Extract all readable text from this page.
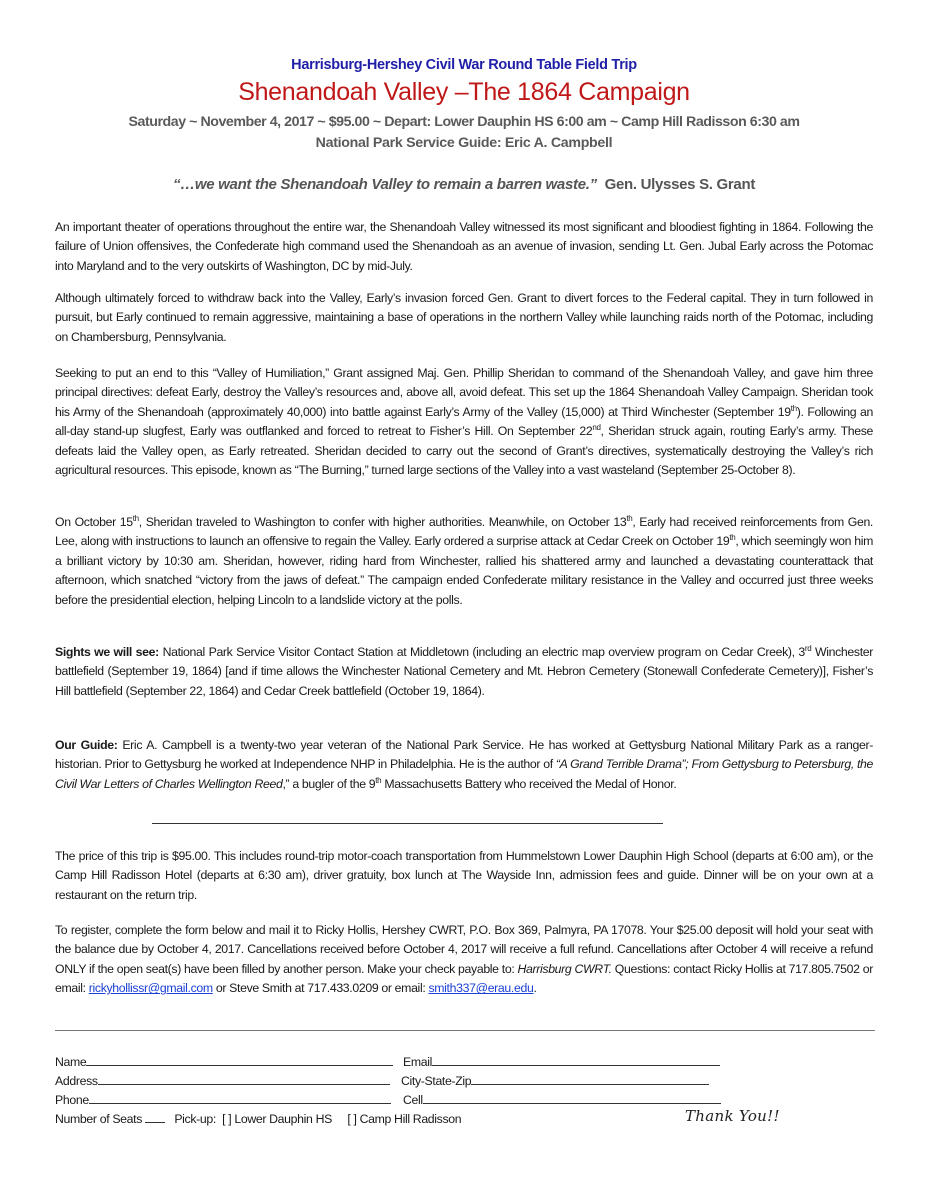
Harrisburg-Hershey Civil War Round Table Field Trip
Shenandoah Valley –The 1864 Campaign
Saturday ~ November 4, 2017 ~ $95.00 ~ Depart: Lower Dauphin HS 6:00 am ~ Camp Hill Radisson 6:30 am
National Park Service Guide: Eric A. Campbell
“…we want the Shenandoah Valley to remain a barren waste.” Gen. Ulysses S. Grant
An important theater of operations throughout the entire war, the Shenandoah Valley witnessed its most significant and bloodiest fighting in 1864. Following the failure of Union offensives, the Confederate high command used the Shenandoah as an avenue of invasion, sending Lt. Gen. Jubal Early across the Potomac into Maryland and to the very outskirts of Washington, DC by mid-July.
Although ultimately forced to withdraw back into the Valley, Early’s invasion forced Gen. Grant to divert forces to the Federal capital. They in turn followed in pursuit, but Early continued to remain aggressive, maintaining a base of operations in the northern Valley while launching raids north of the Potomac, including on Chambersburg, Pennsylvania.
Seeking to put an end to this “Valley of Humiliation,” Grant assigned Maj. Gen. Phillip Sheridan to command of the Shenandoah Valley, and gave him three principal directives: defeat Early, destroy the Valley’s resources and, above all, avoid defeat. This set up the 1864 Shenandoah Valley Campaign. Sheridan took his Army of the Shenandoah (approximately 40,000) into battle against Early’s Army of the Valley (15,000) at Third Winchester (September 19th). Following an all-day stand-up slugfest, Early was outflanked and forced to retreat to Fisher’s Hill. On September 22nd, Sheridan struck again, routing Early’s army. These defeats laid the Valley open, as Early retreated. Sheridan decided to carry out the second of Grant’s directives, systematically destroying the Valley’s rich agricultural resources. This episode, known as “The Burning,” turned large sections of the Valley into a vast wasteland (September 25-October 8).
On October 15th, Sheridan traveled to Washington to confer with higher authorities. Meanwhile, on October 13th, Early had received reinforcements from Gen. Lee, along with instructions to launch an offensive to regain the Valley. Early ordered a surprise attack at Cedar Creek on October 19th, which seemingly won him a brilliant victory by 10:30 am. Sheridan, however, riding hard from Winchester, rallied his shattered army and launched a devastating counterattack that afternoon, which snatched “victory from the jaws of defeat.” The campaign ended Confederate military resistance in the Valley and occurred just three weeks before the presidential election, helping Lincoln to a landslide victory at the polls.
Sights we will see: National Park Service Visitor Contact Station at Middletown (including an electric map overview program on Cedar Creek), 3rd Winchester battlefield (September 19, 1864) [and if time allows the Winchester National Cemetery and Mt. Hebron Cemetery (Stonewall Confederate Cemetery)], Fisher’s Hill battlefield (September 22, 1864) and Cedar Creek battlefield (October 19, 1864).
Our Guide: Eric A. Campbell is a twenty-two year veteran of the National Park Service. He has worked at Gettysburg National Military Park as a ranger-historian. Prior to Gettysburg he worked at Independence NHP in Philadelphia. He is the author of “A Grand Terrible Drama”; From Gettysburg to Petersburg, the Civil War Letters of Charles Wellington Reed,” a bugler of the 9th Massachusetts Battery who received the Medal of Honor.
The price of this trip is $95.00. This includes round-trip motor-coach transportation from Hummelstown Lower Dauphin High School (departs at 6:00 am), or the Camp Hill Radisson Hotel (departs at 6:30 am), driver gratuity, box lunch at The Wayside Inn, admission fees and guide. Dinner will be on your own at a restaurant on the return trip.
To register, complete the form below and mail it to Ricky Hollis, Hershey CWRT, P.O. Box 369, Palmyra, PA 17078. Your $25.00 deposit will hold your seat with the balance due by October 4, 2017. Cancellations received before October 4, 2017 will receive a full refund. Cancellations after October 4 will receive a refund ONLY if the open seat(s) have been filled by another person. Make your check payable to: Harrisburg CWRT. Questions: contact Ricky Hollis at 717.805.7502 or email: rickyhollissr@gmail.com or Steve Smith at 717.433.0209 or email: smith337@erau.edu.
Name	Email
Address	City-State-Zip
Phone	Cell
Number of Seats	Pick-up: [ ] Lower Dauphin HS [ ] Camp Hill Radisson	Thank You!!
